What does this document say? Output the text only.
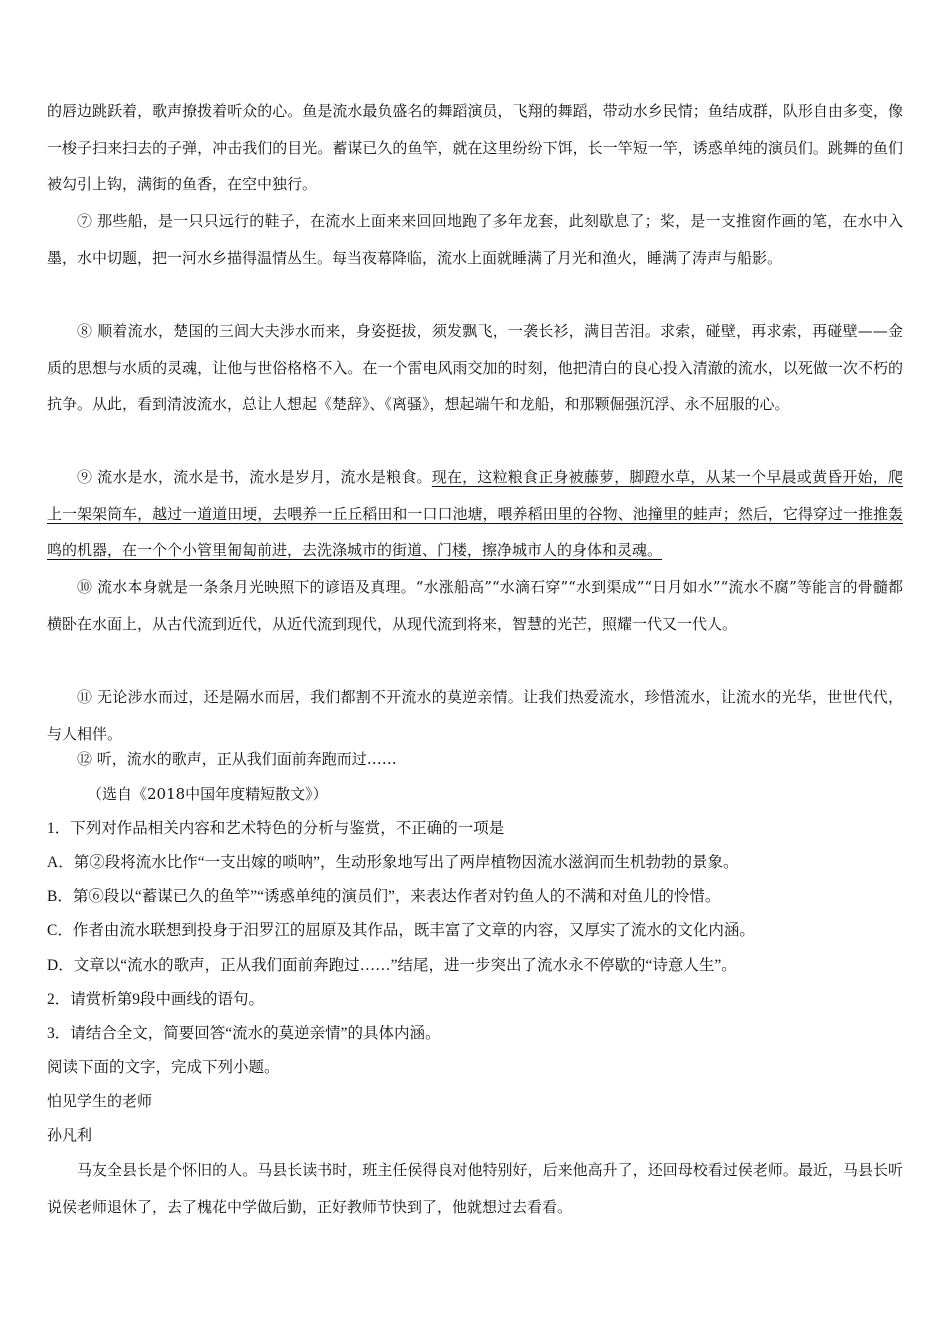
的唇边跳跃着，歌声撩拨着听众的心。鱼是流水最负盛名的舞蹈演员，飞翔的舞蹈，带动水乡民情；鱼结成群，队形自由多变，像一梭子扫来扫去的子弹，冲击我们的目光。蓄谋已久的鱼竿，就在这里纷纷下饵，长一竿短一竿，诱惑单纯的演员们。跳舞的鱼们被勾引上钩，满街的鱼香，在空中独行。

⑦ 那些船，是一只只远行的鞋子，在流水上面来来回回地跑了多年龙套，此刻歇息了；桨，是一支推窗作画的笔，在水中入墨，水中切题，把一河水乡描得温情丛生。每当夜幕降临，流水上面就睡满了月光和渔火，睡满了涛声与船影。

⑧ 顺着流水，楚国的三闾大夫涉水而来，身姿挺拔，须发飘飞，一袭长衫，满目苦泪。求索，碰壁，再求索，再碰壁——金质的思想与水质的灵魂，让他与世俗格格不入。在一个雷电风雨交加的时刻，他把清白的良心投入清澈的流水，以死做一次不朽的抗争。从此，看到清波流水，总让人想起《楚辞》、《离骚》，想起端午和龙船，和那颗倔强沉浮、永不屈服的心。

⑨ 流水是水，流水是书，流水是岁月，流水是粮食。现在，这粒粮食正身被藤萝，脚蹬水草，从某一个早晨或黄昏开始，爬上一架架筒车，越过一道道田埂，去喂养一丘丘稻田和一口口池塘，喂养稻田里的谷物、池撞里的蛙声；然后，它得穿过一推推轰鸣的机器，在一个个小管里匍匐前进，去洗涤城市的街道、门楼，擦净城市人的身体和灵魂。

⑩ 流水本身就是一条条月光映照下的谚语及真理。“水涨船高”“水滴石穿”“水到渠成”“日月如水”“流水不腐”等能言的骨髓都横卧在水面上，从古代流到近代，从近代流到现代，从现代流到将来，智慧的光芒，照耀一代又一代人。

⑪ 无论涉水而过，还是隔水而居，我们都割不开流水的莫逆亲情。让我们热爱流水，珍惜流水，让流水的光华，世世代代，与人相伴。

⑫ 听，流水的歌声，正从我们面前奔跑而过……

（选自《2018中国年度精短散文》）

1．下列对作品相关内容和艺术特色的分析与鉴赏，不正确的一项是

A．第②段将流水比作“一支出嫁的唢呐”，生动形象地写出了两岸植物因流水滋润而生机勃勃的景象。

B．第⑥段以“蓄谋已久的鱼竿”“诱惑单纯的演员们”，来表达作者对钓鱼人的不满和对鱼儿的怜惜。

C．作者由流水联想到投身于汨罗江的屈原及其作品，既丰富了文章的内容，又厚实了流水的文化内涵。

D．文章以“流水的歌声，正从我们面前奔跑过……”结尾，进一步突出了流水永不停歇的“诗意人生”。

2．请赏析第9段中画线的语句。

3．请结合全文，简要回答“流水的莫逆亲情”的具体内涵。

阅读下面的文字，完成下列小题。

怕见学生的老师

孙凡利

马友全县长是个怀旧的人。马县长读书时，班主任侯得良对他特别好，后来他高升了，还回母校看过侯老师。最近，马县长听说侯老师退休了，去了槐花中学做后勤，正好教师节快到了，他就想过去看看。
